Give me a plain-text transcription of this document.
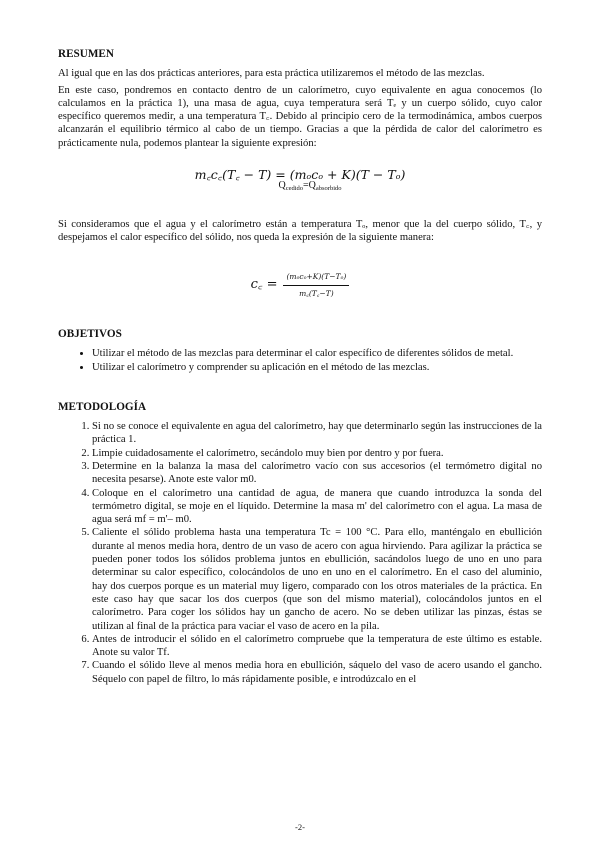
RESUMEN

Al igual que en las dos prácticas anteriores, para esta práctica utilizaremos el método de las mezclas.

En este caso, pondremos en contacto dentro de un calorímetro, cuyo equivalente en agua conocemos (lo calculamos en la práctica 1), una masa de agua, cuya temperatura será Tₑ y un cuerpo sólido, cuyo calor específico queremos medir, a una temperatura T꜀. Debido al principio cero de la termodinámica, ambos cuerpos alcanzarán el equilibrio térmico al cabo de un tiempo. Gracias a que la pérdida de calor del calorímetro es prácticamente nula, podemos plantear la siguiente expresión:

m꜀c꜀(T꜀ − T) = (mₒcₒ + K)(T − Tₒ)
$Q_{cedido}=Q_{absorbido}$

Si consideramos que el agua y el calorímetro están a temperatura Tₒ, menor que la del cuerpo sólido, T꜀, y despejamos el calor específico del sólido, nos queda la expresión de la siguiente manera:

c꜀ = $\frac{\text{(mₒcₒ+K)(T−Tₒ)}}{m꜀(T꜀-T)}$
OBJETIVOS
• Utilizar el método de las mezclas para determinar el calor específico de diferentes sólidos de metal.
• Utilizar el calorímetro y comprender su aplicación en el método de las mezclas.
METODOLOGÍA
1. Si no se conoce el equivalente en agua del calorímetro, hay que determinarlo según las instrucciones de la práctica 1.
2. Limpie cuidadosamente el calorímetro, secándolo muy bien por dentro y por fuera.
3. Determine en la balanza la masa del calorímetro vacío con sus accesorios (el termómetro digital no necesita pesarse). Anote este valor m0.
4. Coloque en el calorímetro una cantidad de agua, de manera que cuando introduzca la sonda del termómetro digital, se moje en el líquido. Determine la masa m' del calorímetro con el agua. La masa de agua será mf = m'– m0.
5. Caliente el sólido problema hasta una temperatura Tc = 100 °C. Para ello, manténgalo en ebullición durante al menos media hora, dentro de un vaso de acero con agua hirviendo. Para agilizar la práctica se pueden poner todos los sólidos problema juntos en ebullición, sacándolos luego de uno en uno para determinar su calor específico, colocándolos de uno en uno en el calorímetro. En el caso del aluminio, hay dos cuerpos porque es un material muy ligero, comparado con los otros materiales de la práctica. En este caso hay que sacar los dos cuerpos (que son del mismo material), colocándolos juntos en el calorímetro. Para coger los sólidos hay un gancho de acero. No se deben utilizar las pinzas, éstas se utilizan al final de la práctica para vaciar el vaso de acero en la pila.
6. Antes de introducir el sólido en el calorímetro compruebe que la temperatura de este último es estable. Anote su valor Tf.
7. Cuando el sólido lleve al menos media hora en ebullición, sáquelo del vaso de acero usando el gancho. Séquelo con papel de filtro, lo más rápidamente posible, e introdúzcalo en el
-2-
